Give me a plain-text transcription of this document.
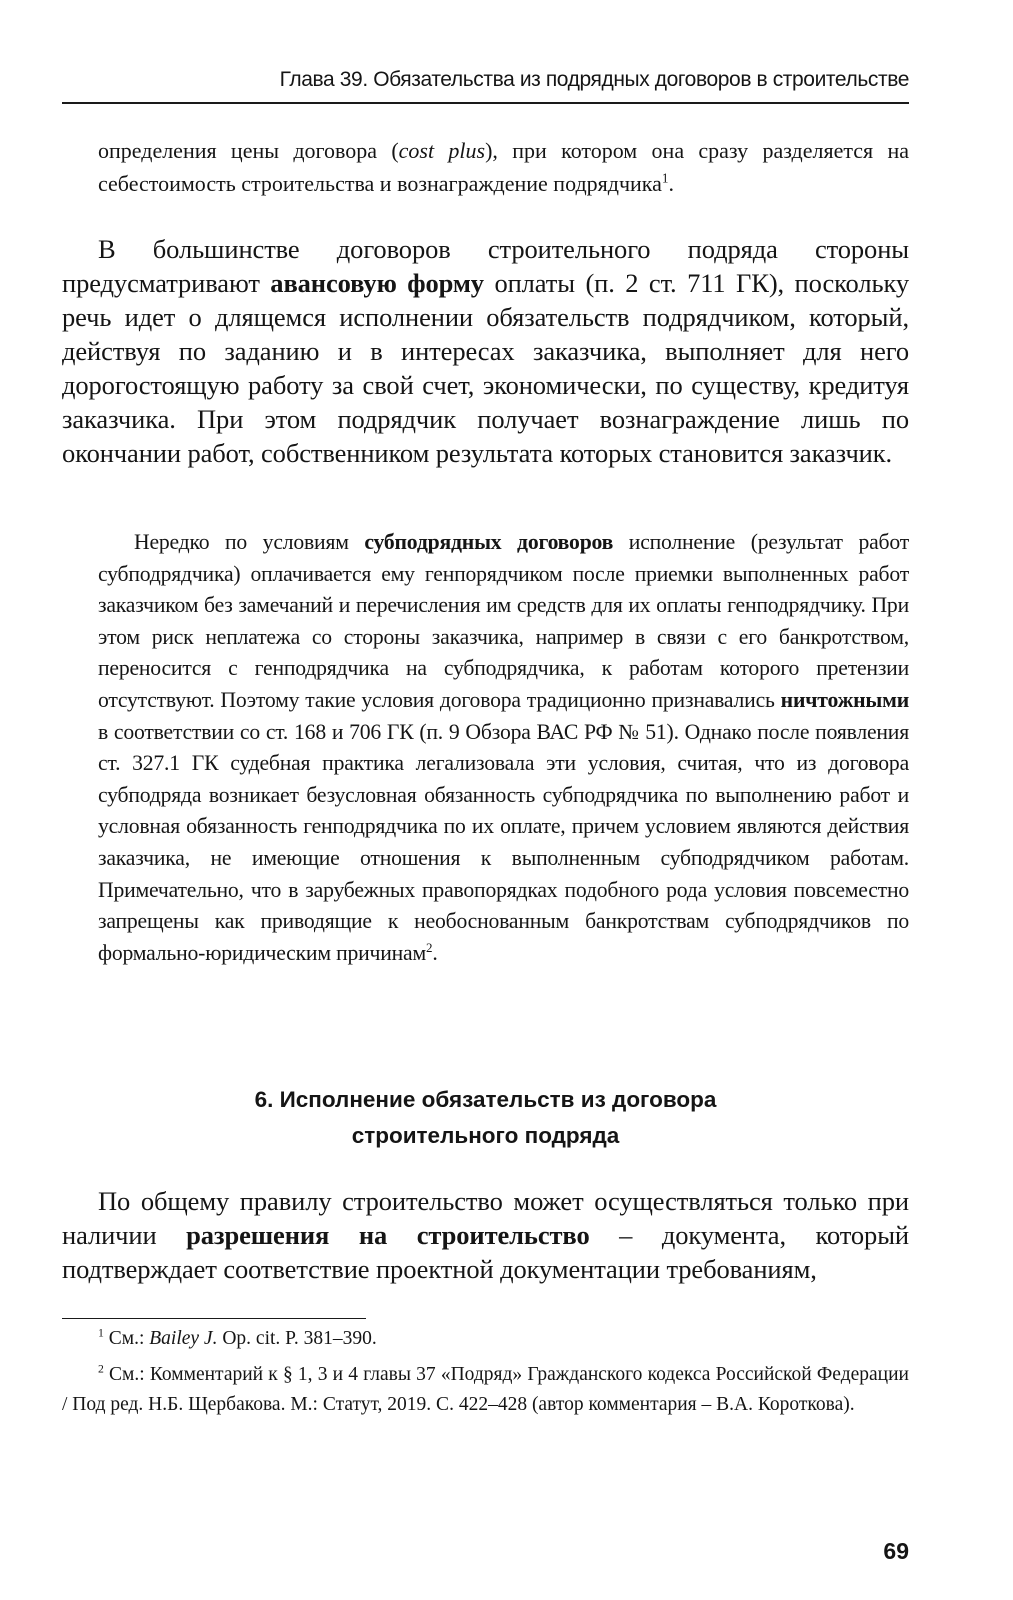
Глава 39. Обязательства из подрядных договоров в строительстве

определения цены договора (cost plus), при котором она сразу разделяется на себестоимость строительства и вознаграждение подрядчика$^1$.

В большинстве договоров строительного подряда стороны предусматривают авансовую форму оплаты (п. 2 ст. 711 ГК), поскольку речь идет о длящемся исполнении обязательств подрядчиком, который, действуя по заданию и в интересах заказчика, выполняет для него дорогостоящую работу за свой счет, экономически, по существу, кредитуя заказчика. При этом подрядчик получает вознаграждение лишь по окончании работ, собственником результата которых становится заказчик.

Нередко по условиям субподрядных договоров исполнение (результат работ субподрядчика) оплачивается ему генпорядчиком после приемки выполненных работ заказчиком без замечаний и перечисления им средств для их оплаты генподрядчику. При этом риск неплатежа со стороны заказчика, например в связи с его банкротством, переносится с генподрядчика на субподрядчика, к работам которого претензии отсутствуют. Поэтому такие условия договора традиционно признавались ничтожными в соответствии со ст. 168 и 706 ГК (п. 9 Обзора ВАС РФ № 51). Однако после появления ст. 327.1 ГК судебная практика легализовала эти условия, считая, что из договора субподряда возникает безусловная обязанность субподрядчика по выполнению работ и условная обязанность генподрядчика по их оплате, причем условием являются действия заказчика, не имеющие отношения к выполненным субподрядчиком работам. Примечательно, что в зарубежных правопорядках подобного рода условия повсеместно запрещены как приводящие к необоснованным банкротствам субподрядчиков по формально-юридическим причинам$^2$.

6. Исполнение обязательств из договора
строительного подряда

По общему правилу строительство может осуществляться только при наличии разрешения на строительство – документа, который подтверждает соответствие проектной документации требованиям,

$^1$ См.: Bailey J. Op. cit. P. 381–390.

$^2$ См.: Комментарий к § 1, 3 и 4 главы 37 «Подряд» Гражданского кодекса Российской Федерации / Под ред. Н.Б. Щербакова. М.: Статут, 2019. С. 422–428 (автор комментария – В.А. Короткова).

69
